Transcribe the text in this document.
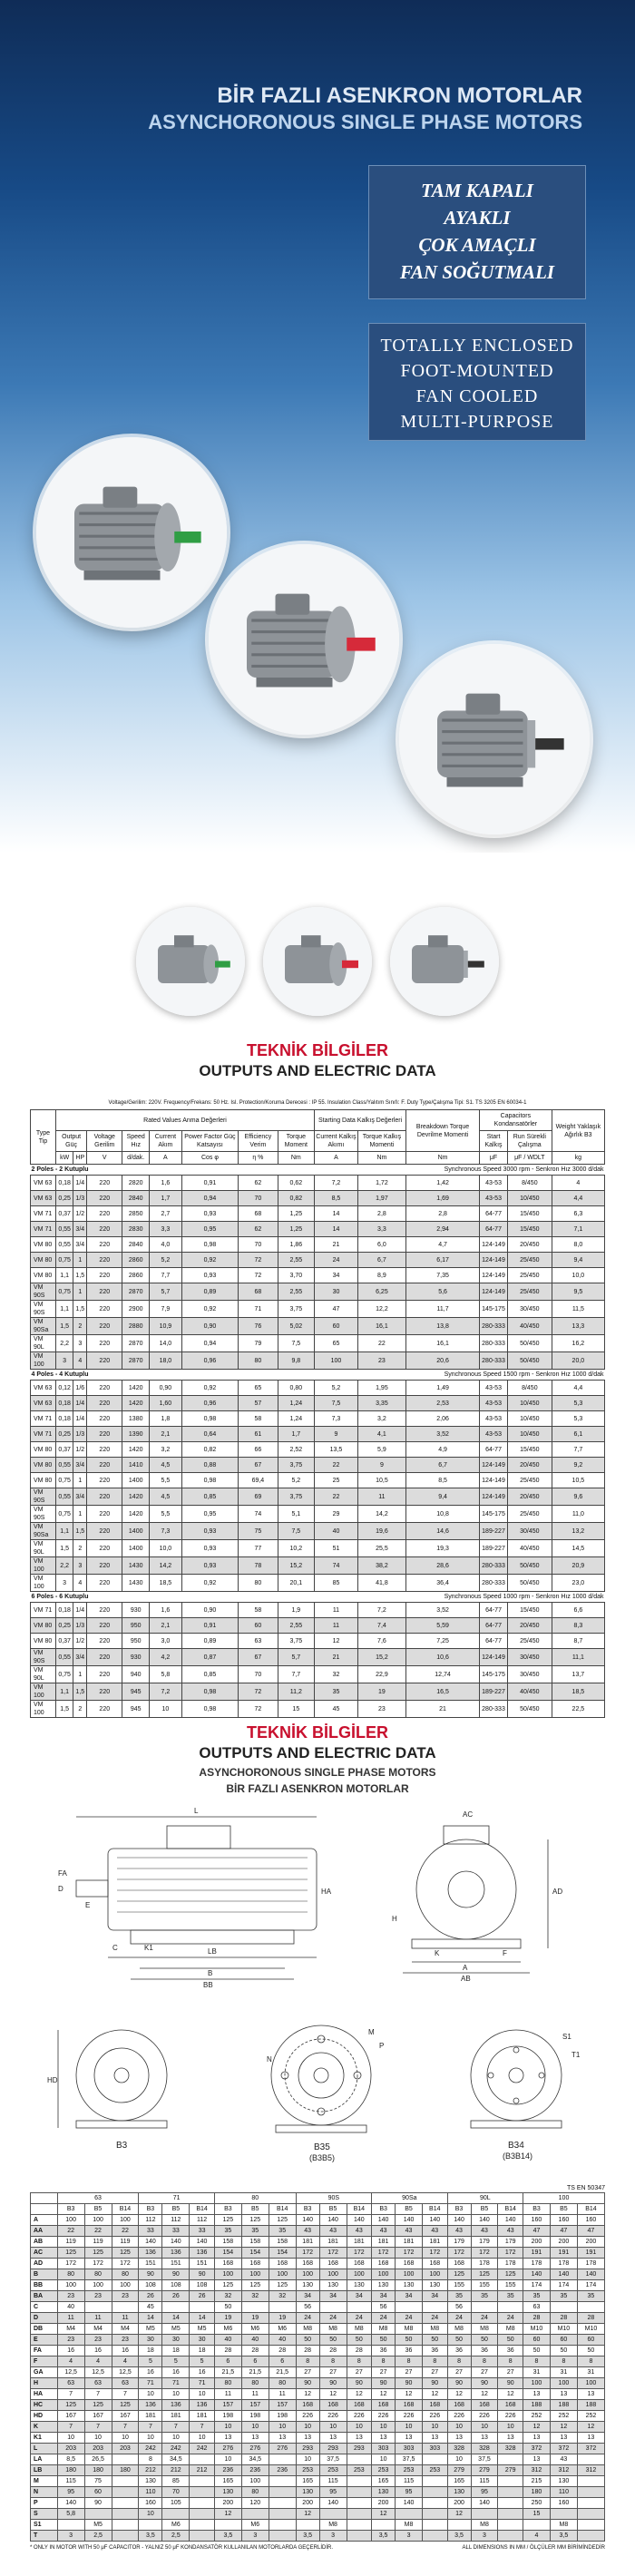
BİR FAZLI ASENKRON MOTORLAR
ASYNCHORONOUS SINGLE PHASE MOTORS
TAM KAPALI
AYAKLI
ÇOK AMAÇLI
FAN SOĞUTMALI
TOTALLY ENCLOSED
FOOT-MOUNTED
FAN COOLED
MULTI-PURPOSE
TEKNİK BİLGİLER
OUTPUTS AND ELECTRIC DATA
Voltage/Gerilim: 220V. Frequency/Frekans: 50 Hz. Isl. Protection/Koruma Derecesi : IP 55. Insulation Class/Yalıtım Sınıfı: F. Duty Type/Çalışma Tipi: S1. TS 3205 EN 60034-1
Type Tip	Rated Values Anma Değerleri								Starting Data Kalkış Değerleri		Breakdown Torque Devrilme Momenti	Capacitors Kondansatörler		Weight Yaklaşık Ağırlık B3
	Output Güç		Voltage Gerilim	Speed Hız	Current Akım	Power Factor Güç Katsayısı	Efficiency Verim	Torque Moment	Current Kalkış Akımı	Torque Kalkış Momenti		Start Kalkış	Run Sürekli Çalışma	
	kW	HP	V	d/dak.	A	Cos φ	η %	Nm	A	Nm	Nm	μF	μF / WDLT	kg
2 Poles - 2 Kutuplu						Synchronous Speed 3000 rpm - Senkron Hız 3000 d/dak								
VM 63	0,18	1/4	220	2820	1,6	0,91	62	0,62	7,2	1,72	1,42	43-53	8/450	4
VM 63	0,25	1/3	220	2840	1,7	0,94	70	0,82	8,5	1,97	1,69	43-53	10/450	4,4
VM 71	0,37	1/2	220	2850	2,7	0,93	68	1,25	14	2,8	2,8	64-77	15/450	6,3
VM 71	0,55	3/4	220	2830	3,3	0,95	62	1,25	14	3,3	2,94	64-77	15/450	7,1
VM 80	0,55	3/4	220	2840	4,0	0,98	70	1,86	21	6,0	4,7	124-149	20/450	8,0
VM 80	0,75	1	220	2860	5,2	0,92	72	2,55	24	6,7	6,17	124-149	25/450	9,4
VM 80	1,1	1,5	220	2860	7,7	0,93	72	3,70	34	8,9	7,35	124-149	25/450	10,0
VM 90S	0,75	1	220	2870	5,7	0,89	68	2,55	30	6,25	5,6	124-149	25/450	9,5
VM 90S	1,1	1,5	220	2900	7,9	0,92	71	3,75	47	12,2	11,7	145-175	30/450	11,5
VM 90Sa	1,5	2	220	2880	10,9	0,90	76	5,02	60	16,1	13,8	280-333	40/450	13,3
VM 90L	2,2	3	220	2870	14,0	0,94	79	7,5	65	22	16,1	280-333	50/450	16,2
VM 100	3	4	220	2870	18,0	0,96	80	9,8	100	23	20,6	280-333	50/450	20,0
4 Poles - 4 Kutuplu						Synchronous Speed 1500 rpm - Senkron Hız 1000 d/dak								
VM 63	0,12	1/6	220	1420	0,90	0,92	65	0,80	5,2	1,95	1,49	43-53	8/450	4,4
VM 63	0,18	1/4	220	1420	1,60	0,96	57	1,24	7,5	3,35	2,53	43-53	10/450	5,3
VM 71	0,18	1/4	220	1380	1,8	0,98	58	1,24	7,3	3,2	2,06	43-53	10/450	5,3
VM 71	0,25	1/3	220	1390	2,1	0,64	61	1,7	9	4,1	3,52	43-53	10/450	6,1
VM 80	0,37	1/2	220	1420	3,2	0,82	66	2,52	13,5	5,9	4,9	64-77	15/450	7,7
VM 80	0,55	3/4	220	1410	4,5	0,88	67	3,75	22	9	6,7	124-149	20/450	9,2
VM 80	0,75	1	220	1400	5,5	0,98	69,4	5,2	25	10,5	8,5	124-149	25/450	10,5
VM 90S	0,55	3/4	220	1420	4,5	0,85	69	3,75	22	11	9,4	124-149	20/450	9,6
VM 90S	0,75	1	220	1420	5,5	0,95	74	5,1	29	14,2	10,8	145-175	25/450	11,0
VM 90Sa	1,1	1,5	220	1400	7,3	0,93	75	7,5	40	19,6	14,6	189-227	30/450	13,2
VM 90L	1,5	2	220	1400	10,0	0,93	77	10,2	51	25,5	19,3	189-227	40/450	14,5
VM 100	2,2	3	220	1430	14,2	0,93	78	15,2	74	38,2	28,6	280-333	50/450	20,9
VM 100	3	4	220	1430	18,5	0,92	80	20,1	85	41,8	36,4	280-333	50/450	23,0
6 Poles - 6 Kutuplu						Synchronous Speed 1000 rpm - Senkron Hız 1000 d/dak								
VM 71	0,18	1/4	220	930	1,6	0,90	58	1,9	11	7,2	3,52	64-77	15/450	6,6
VM 80	0,25	1/3	220	950	2,1	0,91	60	2,55	11	7,4	5,59	64-77	20/450	8,3
VM 80	0,37	1/2	220	950	3,0	0,89	63	3,75	12	7,6	7,25	64-77	25/450	8,7
VM 90S	0,55	3/4	220	930	4,2	0,87	67	5,7	21	15,2	10,6	124-149	30/450	11,1
VM 90L	0,75	1	220	940	5,8	0,85	70	7,7	32	22,9	12,74	145-175	30/450	13,7
VM 100	1,1	1,5	220	945	7,2	0,98	72	11,2	35	19	16,5	189-227	40/450	18,5
VM 100	1,5	2	220	945	10	0,98	72	15	45	23	21	280-333	50/450	22,5
TEKNİK BİLGİLER
OUTPUTS AND ELECTRIC DATA
ASYNCHORONOUS SINGLE PHASE MOTORS
BİR FAZLI ASENKRON MOTORLAR
L
LB
B
BB
E
D
FA
C	K1
HA
AC
A
AB
AD
H
K	F
HD
B3
M
P
N
B35
(B3B5)
S1
T1
B34
(B3B14)
TS EN 50347
	63			71			80			90S			90Sa			90L			100		
	B3	B5	B14	B3	B5	B14	B3	B5	B14	B3	B5	B14	B3	B5	B14	B3	B5	B14	B3	B5	B14
A	100	100	100	112	112	112	125	125	125	140	140	140	140	140	140	140	140	140	160	160	160
AA	22	22	22	33	33	33	35	35	35	43	43	43	43	43	43	43	43	43	47	47	47
AB	119	119	119	140	140	140	158	158	158	181	181	181	181	181	181	179	179	179	200	200	200
AC	125	125	125	136	136	136	154	154	154	172	172	172	172	172	172	172	172	172	191	191	191
AD	172	172	172	151	151	151	168	168	168	168	168	168	168	168	168	168	178	178	178	178	178
B	80	80	80	90	90	90	100	100	100	100	100	100	100	100	100	125	125	125	140	140	140
BB	100	100	100	108	108	108	125	125	125	130	130	130	130	130	130	155	155	155	174	174	174
BA	23	23	23	26	26	26	32	32	32	34	34	34	34	34	34	35	35	35	35	35	35
C	40			45			50			56			56			56			63		
D	11	11	11	14	14	14	19	19	19	24	24	24	24	24	24	24	24	24	28	28	28
DB	M4	M4	M4	M5	M5	M5	M6	M6	M6	M8	M8	M8	M8	M8	M8	M8	M8	M8	M10	M10	M10
E	23	23	23	30	30	30	40	40	40	50	50	50	50	50	50	50	50	50	60	60	60
FA	16	16	16	18	18	18	28	28	28	28	28	28	36	36	36	36	36	36	50	50	50
F	4	4	4	5	5	5	6	6	6	8	8	8	8	8	8	8	8	8	8	8	8
GA	12,5	12,5	12,5	16	16	16	21,5	21,5	21,5	27	27	27	27	27	27	27	27	27	31	31	31
H	63	63	63	71	71	71	80	80	80	90	90	90	90	90	90	90	90	90	100	100	100
HA	7	7	7	10	10	10	11	11	11	12	12	12	12	12	12	12	12	12	13	13	13
HC	125	125	125	136	136	136	157	157	157	168	168	168	168	168	168	168	168	168	188	188	188
HD	167	167	167	181	181	181	198	198	198	226	226	226	226	226	226	226	226	226	252	252	252
K	7	7	7	7	7	7	10	10	10	10	10	10	10	10	10	10	10	10	12	12	12
K1	10	10	10	10	10	10	13	13	13	13	13	13	13	13	13	13	13	13	13	13	13
L	203	203	203	242	242	242	276	276	276	293	293	293	303	303	303	328	328	328	372	372	372
LA	8,5	26,5		8	34,5		10	34,5		10	37,5		10	37,5		10	37,5		13	43	
LB	180	180	180	212	212	212	236	236	236	253	253	253	253	253	253	279	279	279	312	312	312
M	115	75		130	85		165	100		165	115		165	115		165	115		215	130	
N	95	60		110	70		130	80		130	95		130	95		130	95		180	110	
P	140	90		160	105		200	120		200	140		200	140		200	140		250	160	
S	5,8			10			12			12			12			12			15		
S1		M5			M6			M6			M8			M8			M8			M8	
T	3	2,5		3,5	2,5		3,5	3		3,5	3		3,5	3		3,5	3		4	3,5	
* ONLY IN MOTOR WITH 50 μF CAPACITOR - YALNIZ 50 μF KONDANSATÖR KULLANILAN MOTORLARDA GEÇERLİDİR.	ALL DIMENSIONS IN MM / ÖLÇÜLER MM BİRİMİNDEDİR
